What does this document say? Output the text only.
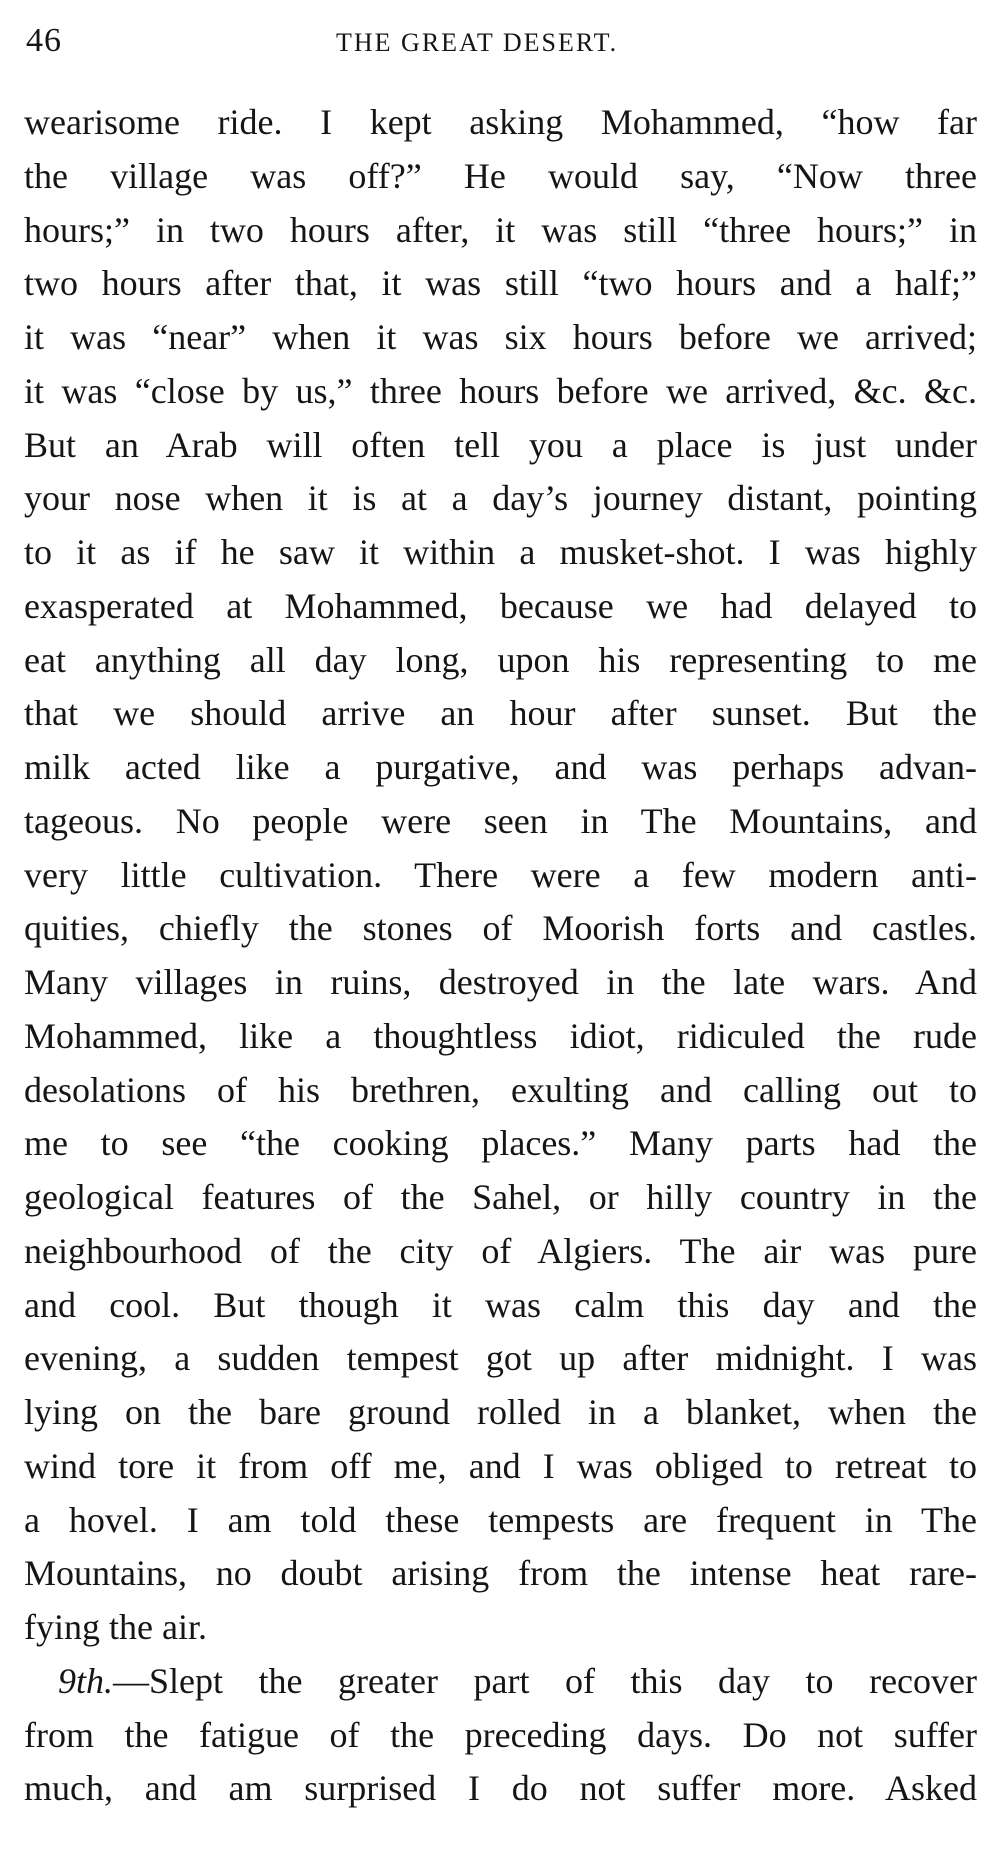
46	THE GREAT DESERT.
wearisome ride. I kept asking Mohammed, “how far
the village was off?” He would say, “Now three
hours;” in two hours after, it was still “three hours;” in
two hours after that, it was still “two hours and a half;”
it was “near” when it was six hours before we arrived;
it was “close by us,” three hours before we arrived, &c. &c.
But an Arab will often tell you a place is just under
your nose when it is at a day’s journey distant, pointing
to it as if he saw it within a musket-shot. I was highly
exasperated at Mohammed, because we had delayed to
eat anything all day long, upon his representing to me
that we should arrive an hour after sunset. But the
milk acted like a purgative, and was perhaps advan-
tageous. No people were seen in The Mountains, and
very little cultivation. There were a few modern anti-
quities, chiefly the stones of Moorish forts and castles.
Many villages in ruins, destroyed in the late wars. And
Mohammed, like a thoughtless idiot, ridiculed the rude
desolations of his brethren, exulting and calling out to
me to see “the cooking places.” Many parts had the
geological features of the Sahel, or hilly country in the
neighbourhood of the city of Algiers. The air was pure
and cool. But though it was calm this day and the
evening, a sudden tempest got up after midnight. I was
lying on the bare ground rolled in a blanket, when the
wind tore it from off me, and I was obliged to retreat to
a hovel. I am told these tempests are frequent in The
Mountains, no doubt arising from the intense heat rare-
fying the air.
9th.—Slept the greater part of this day to recover
from the fatigue of the preceding days. Do not suffer
much, and am surprised I do not suffer more. Asked
